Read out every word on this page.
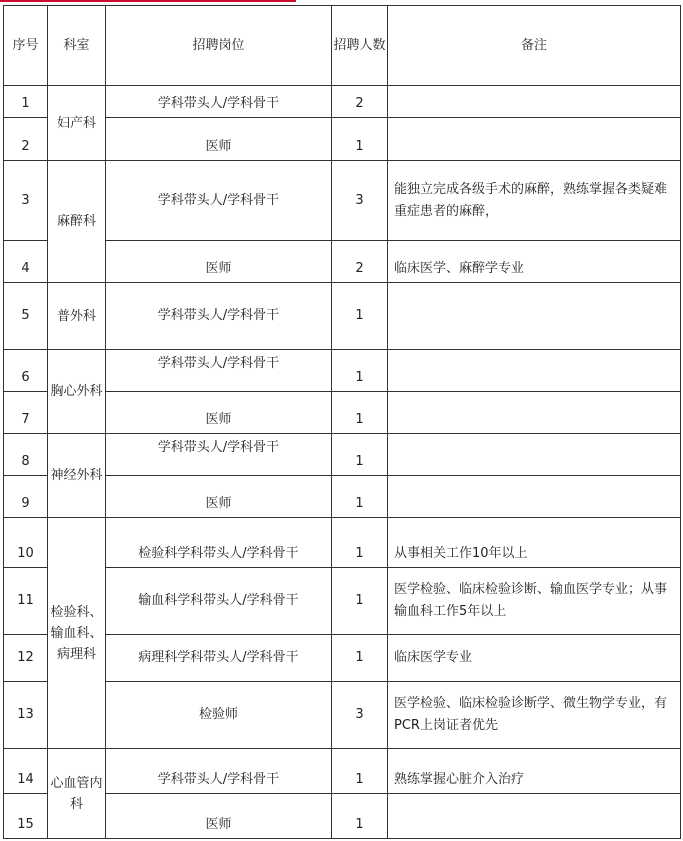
序号	科室	招聘岗位	招聘人数	备注
1	妇产科	学科带头人/学科骨干	2	
2		医师	1	
3	麻醉科	学科带头人/学科骨干	3	能独立完成各级手术的麻醉，熟练掌握各类疑难重症患者的麻醉，
4		医师	2	临床医学、麻醉学专业
5	普外科	学科带头人/学科骨干	1	
6	胸心外科	学科带头人/学科骨干	1	
7		医师	1	
8	神经外科	学科带头人/学科骨干	1	
9		医师	1	
10	检验科、输血科、病理科	检验科学科带头人/学科骨干	1	从事相关工作10年以上
11		输血科学科带头人/学科骨干	1	医学检验、临床检验诊断、输血医学专业；从事输血科工作5年以上
12		病理科学科带头人/学科骨干	1	临床医学专业
13		检验师	3	医学检验、临床检验诊断学、微生物学专业，有PCR上岗证者优先
14	心血管内科	学科带头人/学科骨干	1	熟练掌握心脏介入治疗
15		医师	1	
